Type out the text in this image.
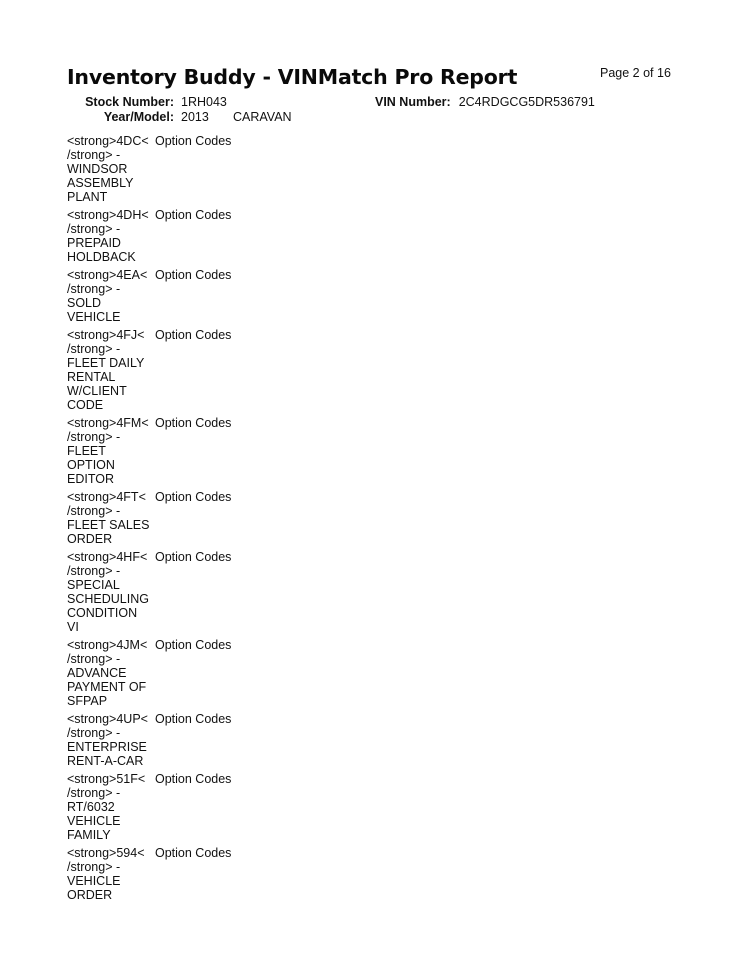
Inventory Buddy - VINMatch Pro Report	Page 2 of 16
Stock Number: 1RH043	VIN Number: 2C4RDGCG5DR536791
Year/Model: 2013 CARAVAN
<strong>4DC<
/strong> -
WINDSOR
ASSEMBLY
PLANT
Option Codes
<strong>4DH<
/strong> -
PREPAID
HOLDBACK
Option Codes
<strong>4EA<
/strong> -
SOLD
VEHICLE
Option Codes
<strong>4FJ<
/strong> -
FLEET DAILY
RENTAL
W/CLIENT
CODE
Option Codes
<strong>4FM<
/strong> -
FLEET
OPTION
EDITOR
Option Codes
<strong>4FT<
/strong> -
FLEET SALES
ORDER
Option Codes
<strong>4HF<
/strong> -
SPECIAL
SCHEDULING
CONDITION VI
Option Codes
<strong>4JM<
/strong> -
ADVANCE
PAYMENT OF
SFPAP
Option Codes
<strong>4UP<
/strong> -
ENTERPRISE
RENT-A-CAR
Option Codes
<strong>51F<
/strong> -
RT/6032
VEHICLE
FAMILY
Option Codes
<strong>594<
/strong> -
VEHICLE
ORDER
Option Codes
